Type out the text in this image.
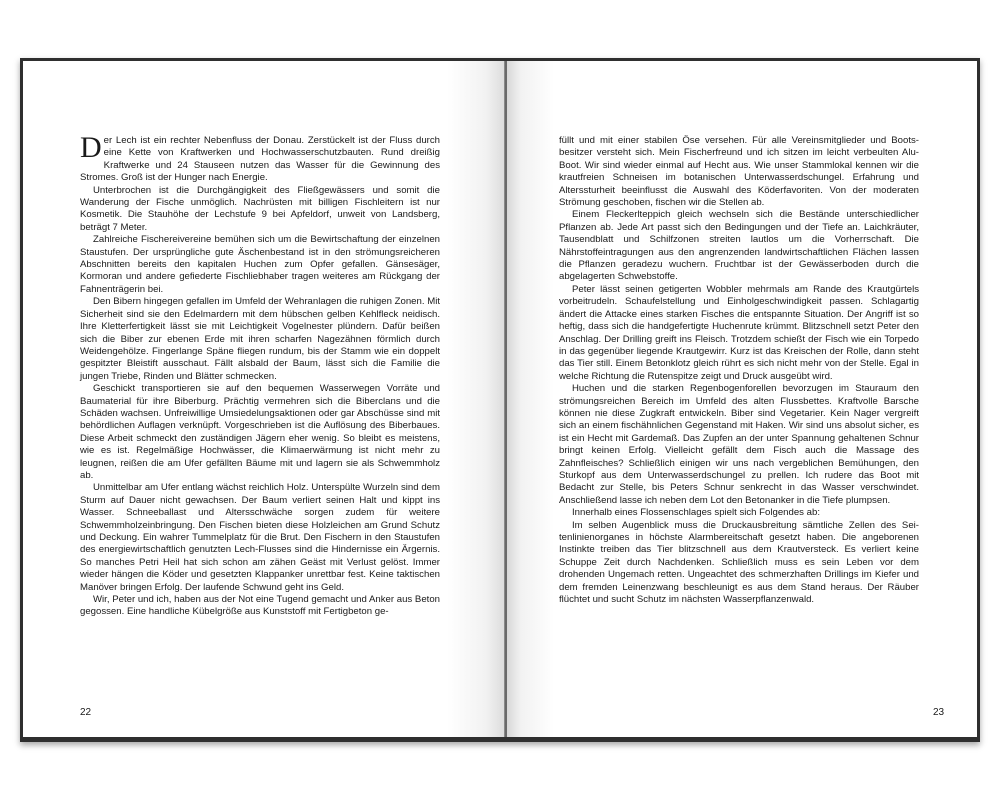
Der Lech ist ein rechter Nebenfluss der Donau. Zerstückelt ist der Fluss durch eine Kette von Kraftwerken und Hochwasserschutzbauten. Rund dreißig Kraftwerke und 24 Stauseen nutzen das Wasser für die Gewinnung des Stromes. Groß ist der Hunger nach Energie.

Unterbrochen ist die Durchgängigkeit des Fließgewässers und somit die Wanderung der Fische unmöglich. Nachrüsten mit billigen Fischleitern ist nur Kosmetik. Die Stauhöhe der Lechstufe 9 bei Apfeldorf, unweit von Landsberg, beträgt 7 Meter.

Zahlreiche Fischereivereine bemühen sich um die Bewirtschaftung der einzelnen Staustufen. Der ursprüngliche gute Äschenbestand ist in den strömungsreicheren Abschnitten bereits den kapitalen Huchen zum Opfer gefallen. Gänsesäger, Kormoran und andere gefiederte Fischliebhaber tragen weiteres am Rückgang der Fahnenträgerin bei.

Den Bibern hingegen gefallen im Umfeld der Wehranlagen die ruhigen Zonen. Mit Sicherheit sind sie den Edelmardern mit dem hübschen gelben Kehlfleck neidisch. Ihre Kletterfertigkeit lässt sie mit Leichtigkeit Vogelnester plündern. Dafür beißen sich die Biber zur ebenen Erde mit ihren scharfen Nagezähnen förmlich durch Weidengehölze. Fingerlange Späne fliegen rundum, bis der Stamm wie ein doppelt gespitzter Bleistift ausschaut. Fällt alsbald der Baum, lässt sich die Familie die jungen Triebe, Rinden und Blätter schmecken.

Geschickt transportieren sie auf den bequemen Wasserwegen Vorräte und Baumaterial für ihre Biberburg. Prächtig vermehren sich die Biberclans und die Schäden wachsen. Unfreiwillige Umsiedelungsaktionen oder gar Abschüsse sind mit behördlichen Auflagen verknüpft. Vorgeschrieben ist die Auflösung des Biberbaues. Diese Arbeit schmeckt den zuständigen Jägern eher wenig. So bleibt es meistens, wie es ist. Regelmäßige Hochwässer, die Klimaerwärmung ist nicht mehr zu leugnen, reißen die am Ufer gefällten Bäume mit und lagern sie als Schwemmholz ab.

Unmittelbar am Ufer entlang wächst reichlich Holz. Unterspülte Wurzeln sind dem Sturm auf Dauer nicht gewachsen. Der Baum verliert seinen Halt und kippt ins Wasser. Schneeballast und Altersschwäche sorgen zudem für weitere Schwemmholzeinbringung. Den Fischen bieten diese Holzleichen am Grund Schutz und Deckung. Ein wahrer Tummelplatz für die Brut. Den Fischern in den Staustufen des energiewirtschaftlich genutzten Lech-Flusses sind die Hindernisse ein Ärgernis. So manches Petri Heil hat sich schon am zähen Geäst mit Verlust gelöst. Immer wieder hängen die Köder und gesetzten Klappanker unrettbar fest. Keine taktischen Manöver bringen Erfolg. Der laufende Schwund geht ins Geld.

Wir, Peter und ich, haben aus der Not eine Tugend gemacht und Anker aus Beton gegossen. Eine handliche Kübelgröße aus Kunststoff mit Fertigbeton ge-

22

füllt und mit einer stabilen Öse versehen. Für alle Vereinsmitglieder und Bootsbesitzer versteht sich. Mein Fischerfreund und ich sitzen im leicht verbeulten Alu-Boot. Wir sind wieder einmal auf Hecht aus. Wie unser Stammlokal kennen wir die krautfreien Schneisen im botanischen Unterwasserdschungel. Erfahrung und Alterssturheit beeinflusst die Auswahl des Köderfavoriten. Von der moderaten Strömung geschoben, fischen wir die Stellen ab.

Einem Fleckerlteppich gleich wechseln sich die Bestände unterschiedlicher Pflanzen ab. Jede Art passt sich den Bedingungen und der Tiefe an. Laichkräuter, Tausendblatt und Schilfzonen streiten lautlos um die Vorherrschaft. Die Nährstoffeintragungen aus den angrenzenden landwirtschaftlichen Flächen lassen die Pflanzen geradezu wuchern. Fruchtbar ist der Gewässerboden durch die abgelagerten Schwebstoffe.

Peter lässt seinen getigerten Wobbler mehrmals am Rande des Krautgürtels vorbeitrudeln. Schaufelstellung und Einholgeschwindigkeit passen. Schlagartig ändert die Attacke eines starken Fisches die entspannte Situation. Der Angriff ist so heftig, dass sich die handgefertigte Huchenrute krümmt. Blitzschnell setzt Peter den Anschlag. Der Drilling greift ins Fleisch. Trotzdem schießt der Fisch wie ein Torpedo in das gegenüber liegende Krautgewirr. Kurz ist das Kreischen der Rolle, dann steht das Tier still. Einem Betonklotz gleich rührt es sich nicht mehr von der Stelle. Egal in welche Richtung die Rutenspitze zeigt und Druck ausgeübt wird.

Huchen und die starken Regenbogenforellen bevorzugen im Stauraum den strömungsreichen Bereich im Umfeld des alten Flussbettes. Kraftvolle Barsche können nie diese Zugkraft entwickeln. Biber sind Vegetarier. Kein Nager vergreift sich an einem fischähnlichen Gegenstand mit Haken. Wir sind uns absolut sicher, es ist ein Hecht mit Gardemaß. Das Zupfen an der unter Spannung gehaltenen Schnur bringt keinen Erfolg. Vielleicht gefällt dem Fisch auch die Massage des Zahnfleisches? Schließlich einigen wir uns nach vergeblichen Bemühungen, den Sturkopf aus dem Unterwasserdschungel zu prellen. Ich rudere das Boot mit Bedacht zur Stelle, bis Peters Schnur senkrecht in das Wasser verschwindet. Anschließend lasse ich neben dem Lot den Betonanker in die Tiefe plumpsen.

Innerhalb eines Flossenschlages spielt sich Folgendes ab:

Im selben Augenblick muss die Druckausbreitung sämtliche Zellen des Seitenlinienorganes in höchste Alarmbereitschaft gesetzt haben. Die angeborenen Instinkte treiben das Tier blitzschnell aus dem Krautversteck. Es verliert keine Schuppe Zeit durch Nachdenken. Schließlich muss es sein Leben vor dem drohenden Ungemach retten. Ungeachtet des schmerzhaften Drillings im Kiefer und dem fremden Leinenzwang beschleunigt es aus dem Stand heraus. Der Räuber flüchtet und sucht Schutz im nächsten Wasserpflanzenwald.

23
